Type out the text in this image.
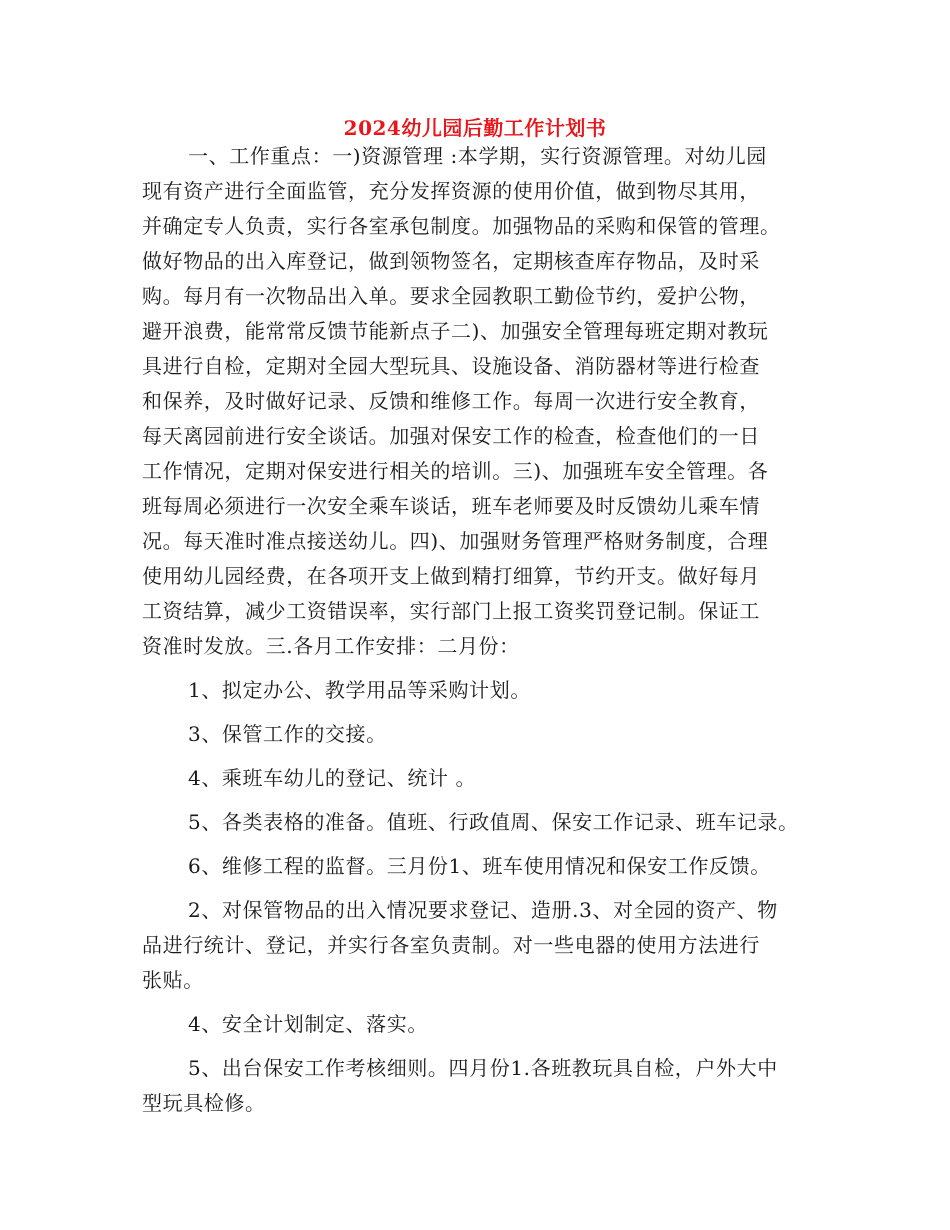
2024幼儿园后勤工作计划书
一、工作重点：一)资源管理 :本学期，实行资源管理。对幼儿园
现有资产进行全面监管，充分发挥资源的使用价值，做到物尽其用，
并确定专人负责，实行各室承包制度。加强物品的采购和保管的管理。
做好物品的出入库登记，做到领物签名，定期核查库存物品，及时采
购。每月有一次物品出入单。要求全园教职工勤俭节约，爱护公物，
避开浪费，能常常反馈节能新点子二)、加强安全管理每班定期对教玩
具进行自检，定期对全园大型玩具、设施设备、消防器材等进行检查
和保养，及时做好记录、反馈和维修工作。每周一次进行安全教育，
每天离园前进行安全谈话。加强对保安工作的检查，检查他们的一日
工作情况，定期对保安进行相关的培训。三)、加强班车安全管理。各
班每周必须进行一次安全乘车谈话，班车老师要及时反馈幼儿乘车情
况。每天准时准点接送幼儿。四)、加强财务管理严格财务制度，合理
使用幼儿园经费，在各项开支上做到精打细算，节约开支。做好每月
工资结算，减少工资错误率，实行部门上报工资奖罚登记制。保证工
资准时发放。三.各月工作安排：二月份：
1、拟定办公、教学用品等采购计划。
3、保管工作的交接。
4、乘班车幼儿的登记、统计 。
5、各类表格的准备。值班、行政值周、保安工作记录、班车记录。
6、维修工程的监督。三月份1、班车使用情况和保安工作反馈。
2、对保管物品的出入情况要求登记、造册.3、对全园的资产、物
品进行统计、登记，并实行各室负责制。对一些电器的使用方法进行
张贴。
4、安全计划制定、落实。
5、出台保安工作考核细则。四月份1.各班教玩具自检，户外大中
型玩具检修。
